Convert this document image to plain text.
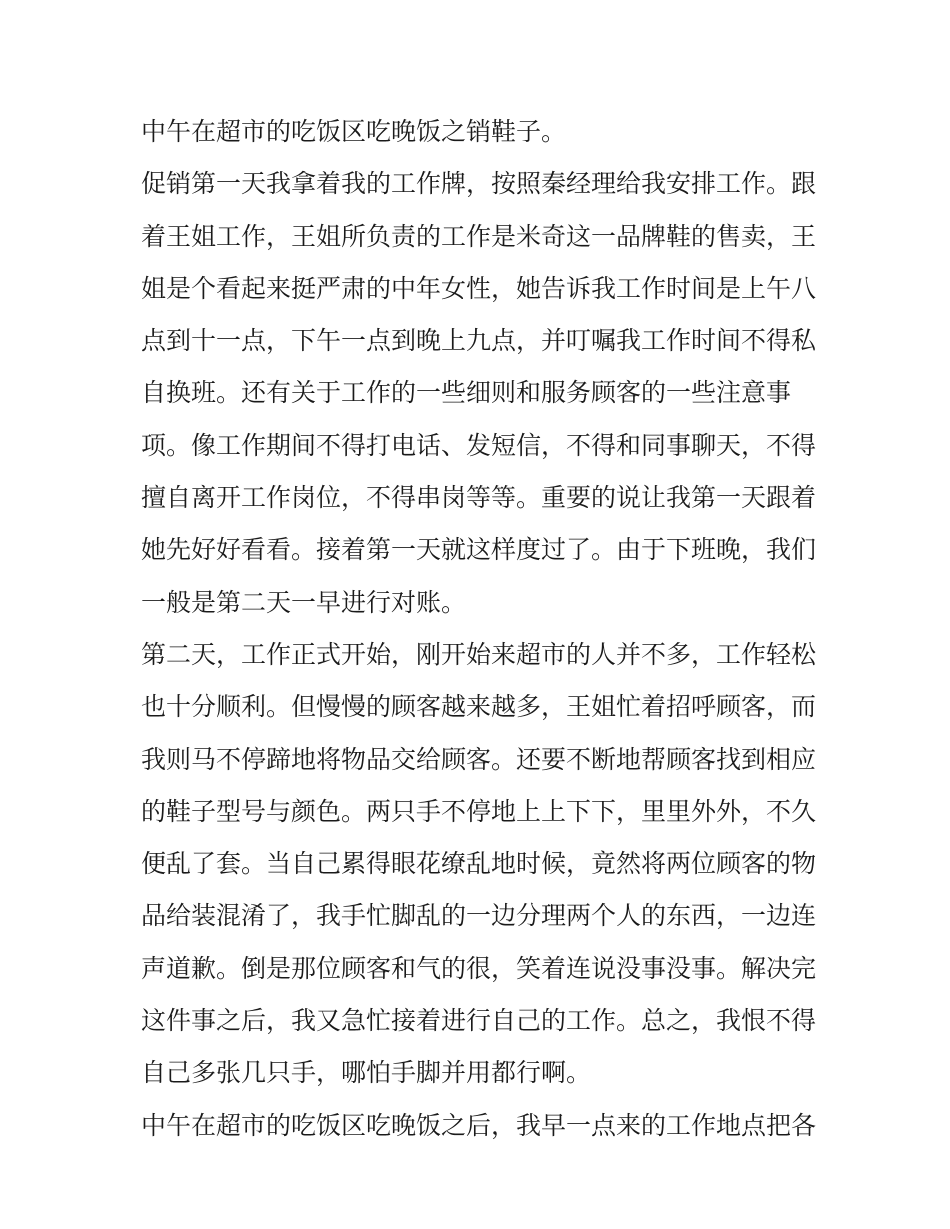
中午在超市的吃饭区吃晚饭之销鞋子。
促销第一天我拿着我的工作牌，按照秦经理给我安排工作。跟
着王姐工作，王姐所负责的工作是米奇这一品牌鞋的售卖，王
姐是个看起来挺严肃的中年女性，她告诉我工作时间是上午八
点到十一点，下午一点到晚上九点，并叮嘱我工作时间不得私
自换班。还有关于工作的一些细则和服务顾客的一些注意事
项。像工作期间不得打电话、发短信，不得和同事聊天，不得
擅自离开工作岗位，不得串岗等等。重要的说让我第一天跟着
她先好好看看。接着第一天就这样度过了。由于下班晚，我们
一般是第二天一早进行对账。
第二天，工作正式开始，刚开始来超市的人并不多，工作轻松
也十分顺利。但慢慢的顾客越来越多，王姐忙着招呼顾客，而
我则马不停蹄地将物品交给顾客。还要不断地帮顾客找到相应
的鞋子型号与颜色。两只手不停地上上下下，里里外外，不久
便乱了套。当自己累得眼花缭乱地时候，竟然将两位顾客的物
品给装混淆了，我手忙脚乱的一边分理两个人的东西，一边连
声道歉。倒是那位顾客和气的很，笑着连说没事没事。解决完
这件事之后，我又急忙接着进行自己的工作。总之，我恨不得
自己多张几只手，哪怕手脚并用都行啊。
中午在超市的吃饭区吃晚饭之后，我早一点来的工作地点把各
